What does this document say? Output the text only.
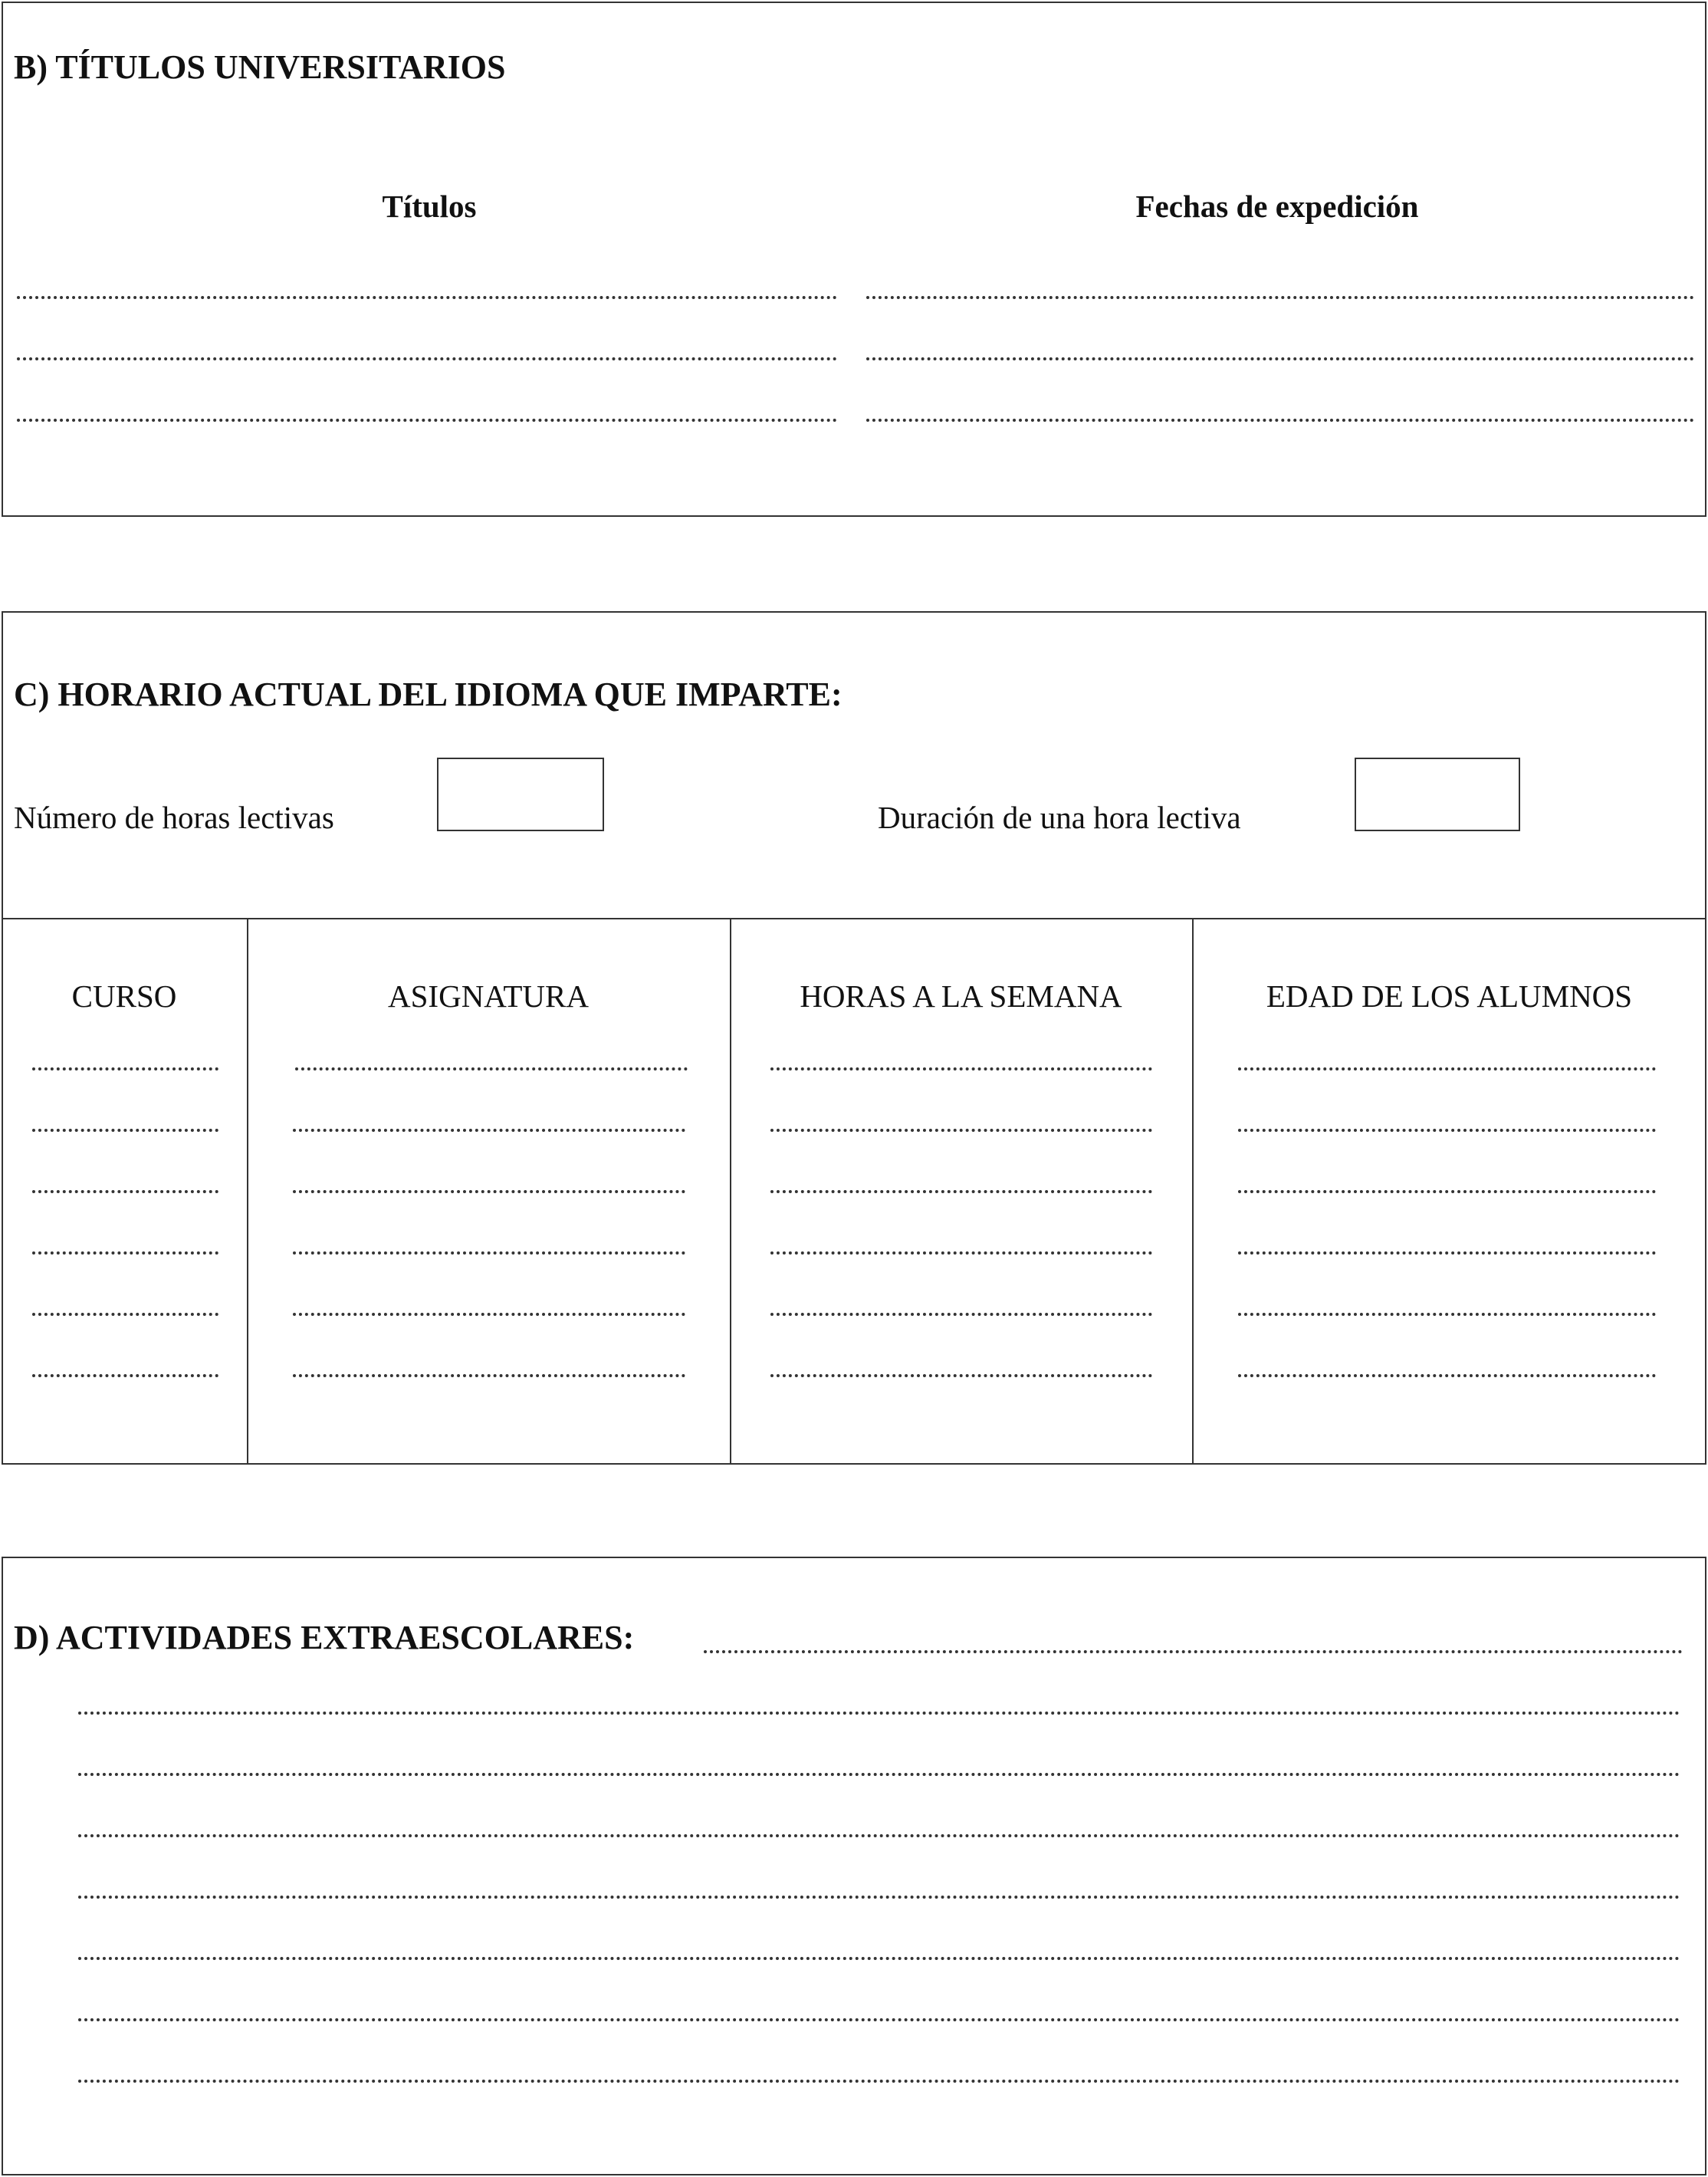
B) TÍTULOS UNIVERSITARIOS
Títulos	Fechas de expedición
C) HORARIO ACTUAL DEL IDIOMA QUE IMPARTE:
Número de horas lectivas	Duración de una hora lectiva
CURSO	ASIGNATURA	HORAS A LA SEMANA	EDAD DE LOS ALUMNOS
D) ACTIVIDADES EXTRAESCOLARES:
